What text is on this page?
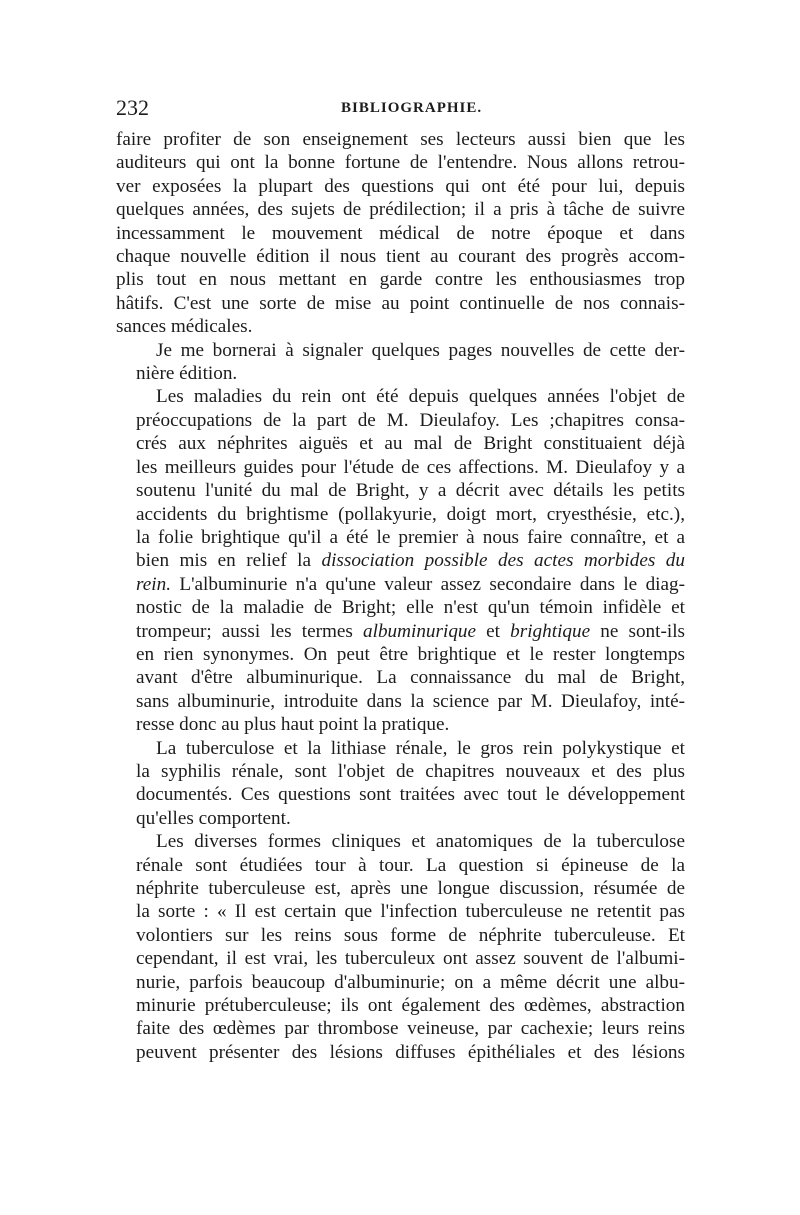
232	BIBLIOGRAPHIE.
faire profiter de son enseignement ses lecteurs aussi bien que les
auditeurs qui ont la bonne fortune de l'entendre. Nous allons retrou-
ver exposées la plupart des questions qui ont été pour lui, depuis
quelques années, des sujets de prédilection; il a pris à tâche de suivre
incessamment le mouvement médical de notre époque et dans
chaque nouvelle édition il nous tient au courant des progrès accom-
plis tout en nous mettant en garde contre les enthousiasmes trop
hâtifs. C'est une sorte de mise au point continuelle de nos connais-
sances médicales.
Je me bornerai à signaler quelques pages nouvelles de cette der-
nière édition.
Les maladies du rein ont été depuis quelques années l'objet de
préoccupations de la part de M. Dieulafoy. Les ;chapitres consa-
crés aux néphrites aiguës et au mal de Bright constituaient déjà
les meilleurs guides pour l'étude de ces affections. M. Dieulafoy y a
soutenu l'unité du mal de Bright, y a décrit avec détails les petits
accidents du brightisme (pollakyurie, doigt mort, cryesthésie, etc.),
la folie brightique qu'il a été le premier à nous faire connaître, et a
bien mis en relief la dissociation possible des actes morbides du
rein. L'albuminurie n'a qu'une valeur assez secondaire dans le diag-
nostic de la maladie de Bright; elle n'est qu'un témoin infidèle et
trompeur; aussi les termes albuminurique et brightique ne sont-ils
en rien synonymes. On peut être brightique et le rester longtemps
avant d'être albuminurique. La connaissance du mal de Bright,
sans albuminurie, introduite dans la science par M. Dieulafoy, inté-
resse donc au plus haut point la pratique.
La tuberculose et la lithiase rénale, le gros rein polykystique et
la syphilis rénale, sont l'objet de chapitres nouveaux et des plus
documentés. Ces questions sont traitées avec tout le développement
qu'elles comportent.
Les diverses formes cliniques et anatomiques de la tuberculose
rénale sont étudiées tour à tour. La question si épineuse de la
néphrite tuberculeuse est, après une longue discussion, résumée de
la sorte : « Il est certain que l'infection tuberculeuse ne retentit pas
volontiers sur les reins sous forme de néphrite tuberculeuse. Et
cependant, il est vrai, les tuberculeux ont assez souvent de l'albumi-
nurie, parfois beaucoup d'albuminurie; on a même décrit une albu-
minurie prétuberculeuse; ils ont également des œdèmes, abstraction
faite des œdèmes par thrombose veineuse, par cachexie; leurs reins
peuvent présenter des lésions diffuses épithéliales et des lésions
